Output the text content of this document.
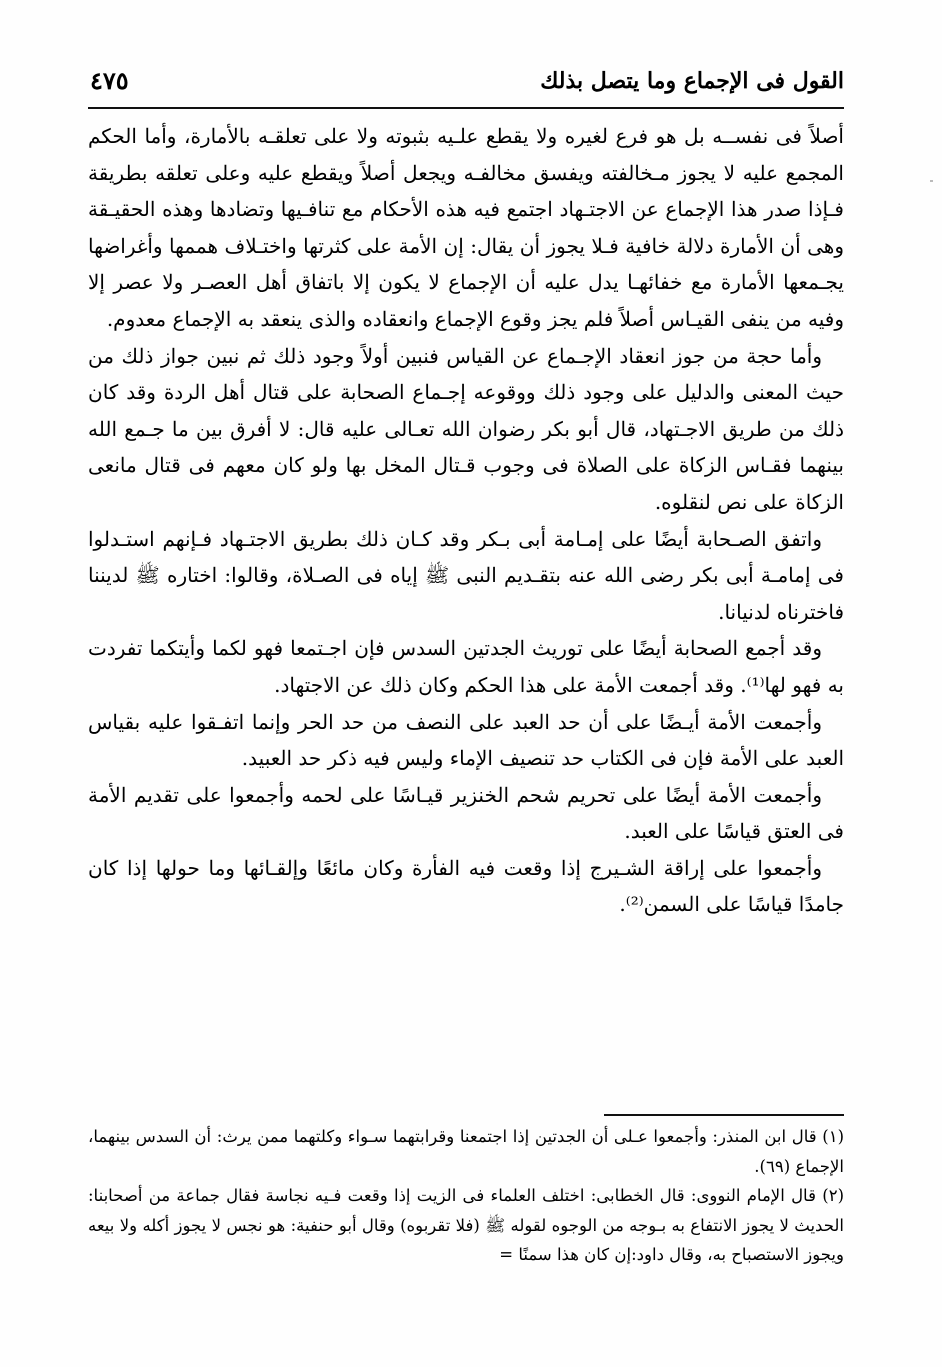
القول فى الإجماع وما يتصل بذلك
٤٧٥

أصلاً فى نفســه بل هو فرع لغيره ولا يقطع علـيه بثبوته ولا على تعلقـه بالأمارة، وأما الحكم المجمع عليه لا يجوز مـخالفته ويفسق مخالفـه ويجعل أصلاً ويقطع عليه وعلى تعلقه بطريقة فـإذا صدر هذا الإجماع عن الاجتـهاد اجتمع فيه هذه الأحكام مع تنافـيها وتضادها وهذه الحقيـقة وهى أن الأمارة دلالة خافية فـلا يجوز أن يقال: إن الأمة على كثرتها واختـلاف هممها وأغراضها يجـمعها الأمارة مع خفائهـا يدل عليه أن الإجماع لا يكون إلا باتفاق أهل العصـر ولا عصر إلا وفيه من ينفى القيـاس أصلاً فلم يجز وقوع الإجماع وانعقاده والذى ينعقد به الإجماع معدوم.

وأما حجة من جوز انعقاد الإجـماع عن القياس فنبين أولاً وجود ذلك ثم نبين جواز ذلك من حيث المعنى والدليل على وجود ذلك ووقوعه إجـماع الصحابة على قتال أهل الردة وقد كان ذلك من طريق الاجـتهاد، قال أبو بكر رضوان الله تعـالى عليه قال: لا أفرق بين ما جـمع الله بينهما فقـاس الزكاة على الصلاة فى وجوب قـتال المخل بها ولو كان معهم فى قتال مانعى الزكاة على نص لنقلوه.

واتفق الصـحابة أيضًا على إمـامة أبى بـكر وقد كـان ذلك بطريق الاجتـهاد فـإنهم استـدلوا فى إمامـة أبى بكر رضى الله عنه بتقـديم النبى ﷺ إياه فى الصـلاة، وقالوا: اختاره ﷺ لديننا فاخترناه لدنيانا.

وقد أجمع الصحابة أيضًا على توريث الجدتين السدس فإن اجـتمعا فهو لكما وأيتكما تفردت به فهو لها⁽¹⁾. وقد أجمعت الأمة على هذا الحكم وكان ذلك عن الاجتهاد.

وأجمعت الأمة أيـضًا على أن حد العبد على النصف من حد الحر وإنما اتفـقوا عليه بقياس العبد على الأمة فإن فى الكتاب حد تنصيف الإماء وليس فيه ذكر حد العبيد.

وأجمعت الأمة أيضًا على تحريم شحم الخنزير قيـاسًا على لحمه وأجمعوا على تقديم الأمة فى العتق قياسًا على العبد.

وأجمعوا على إراقة الشـيرج إذا وقعت فيه الفأرة وكان مائعًا وإلقـائها وما حولها إذا كان جامدًا قياسًا على السمن⁽²⁾.

(١) قال ابن المنذر: وأجمعوا عـلى أن الجدتين إذا اجتمعنا وقرابتهما سـواء وكلتهما ممن يرث: أن السدس بينهما، الإجماع (٦٩).

(٢) قال الإمام النووى: قال الخطابى: اختلف العلماء فى الزيت إذا وقعت فـيه نجاسة فقال جماعة من أصحابنا: الحديث لا يجوز الانتفاع به بـوجه من الوجوه لقوله ﷺ (فلا تقربوه) وقال أبو حنفية: هو نجس لا يجوز أكله ولا بيعه ويجوز الاستصباح به، وقال داود:إن كان هذا سمنًا =
